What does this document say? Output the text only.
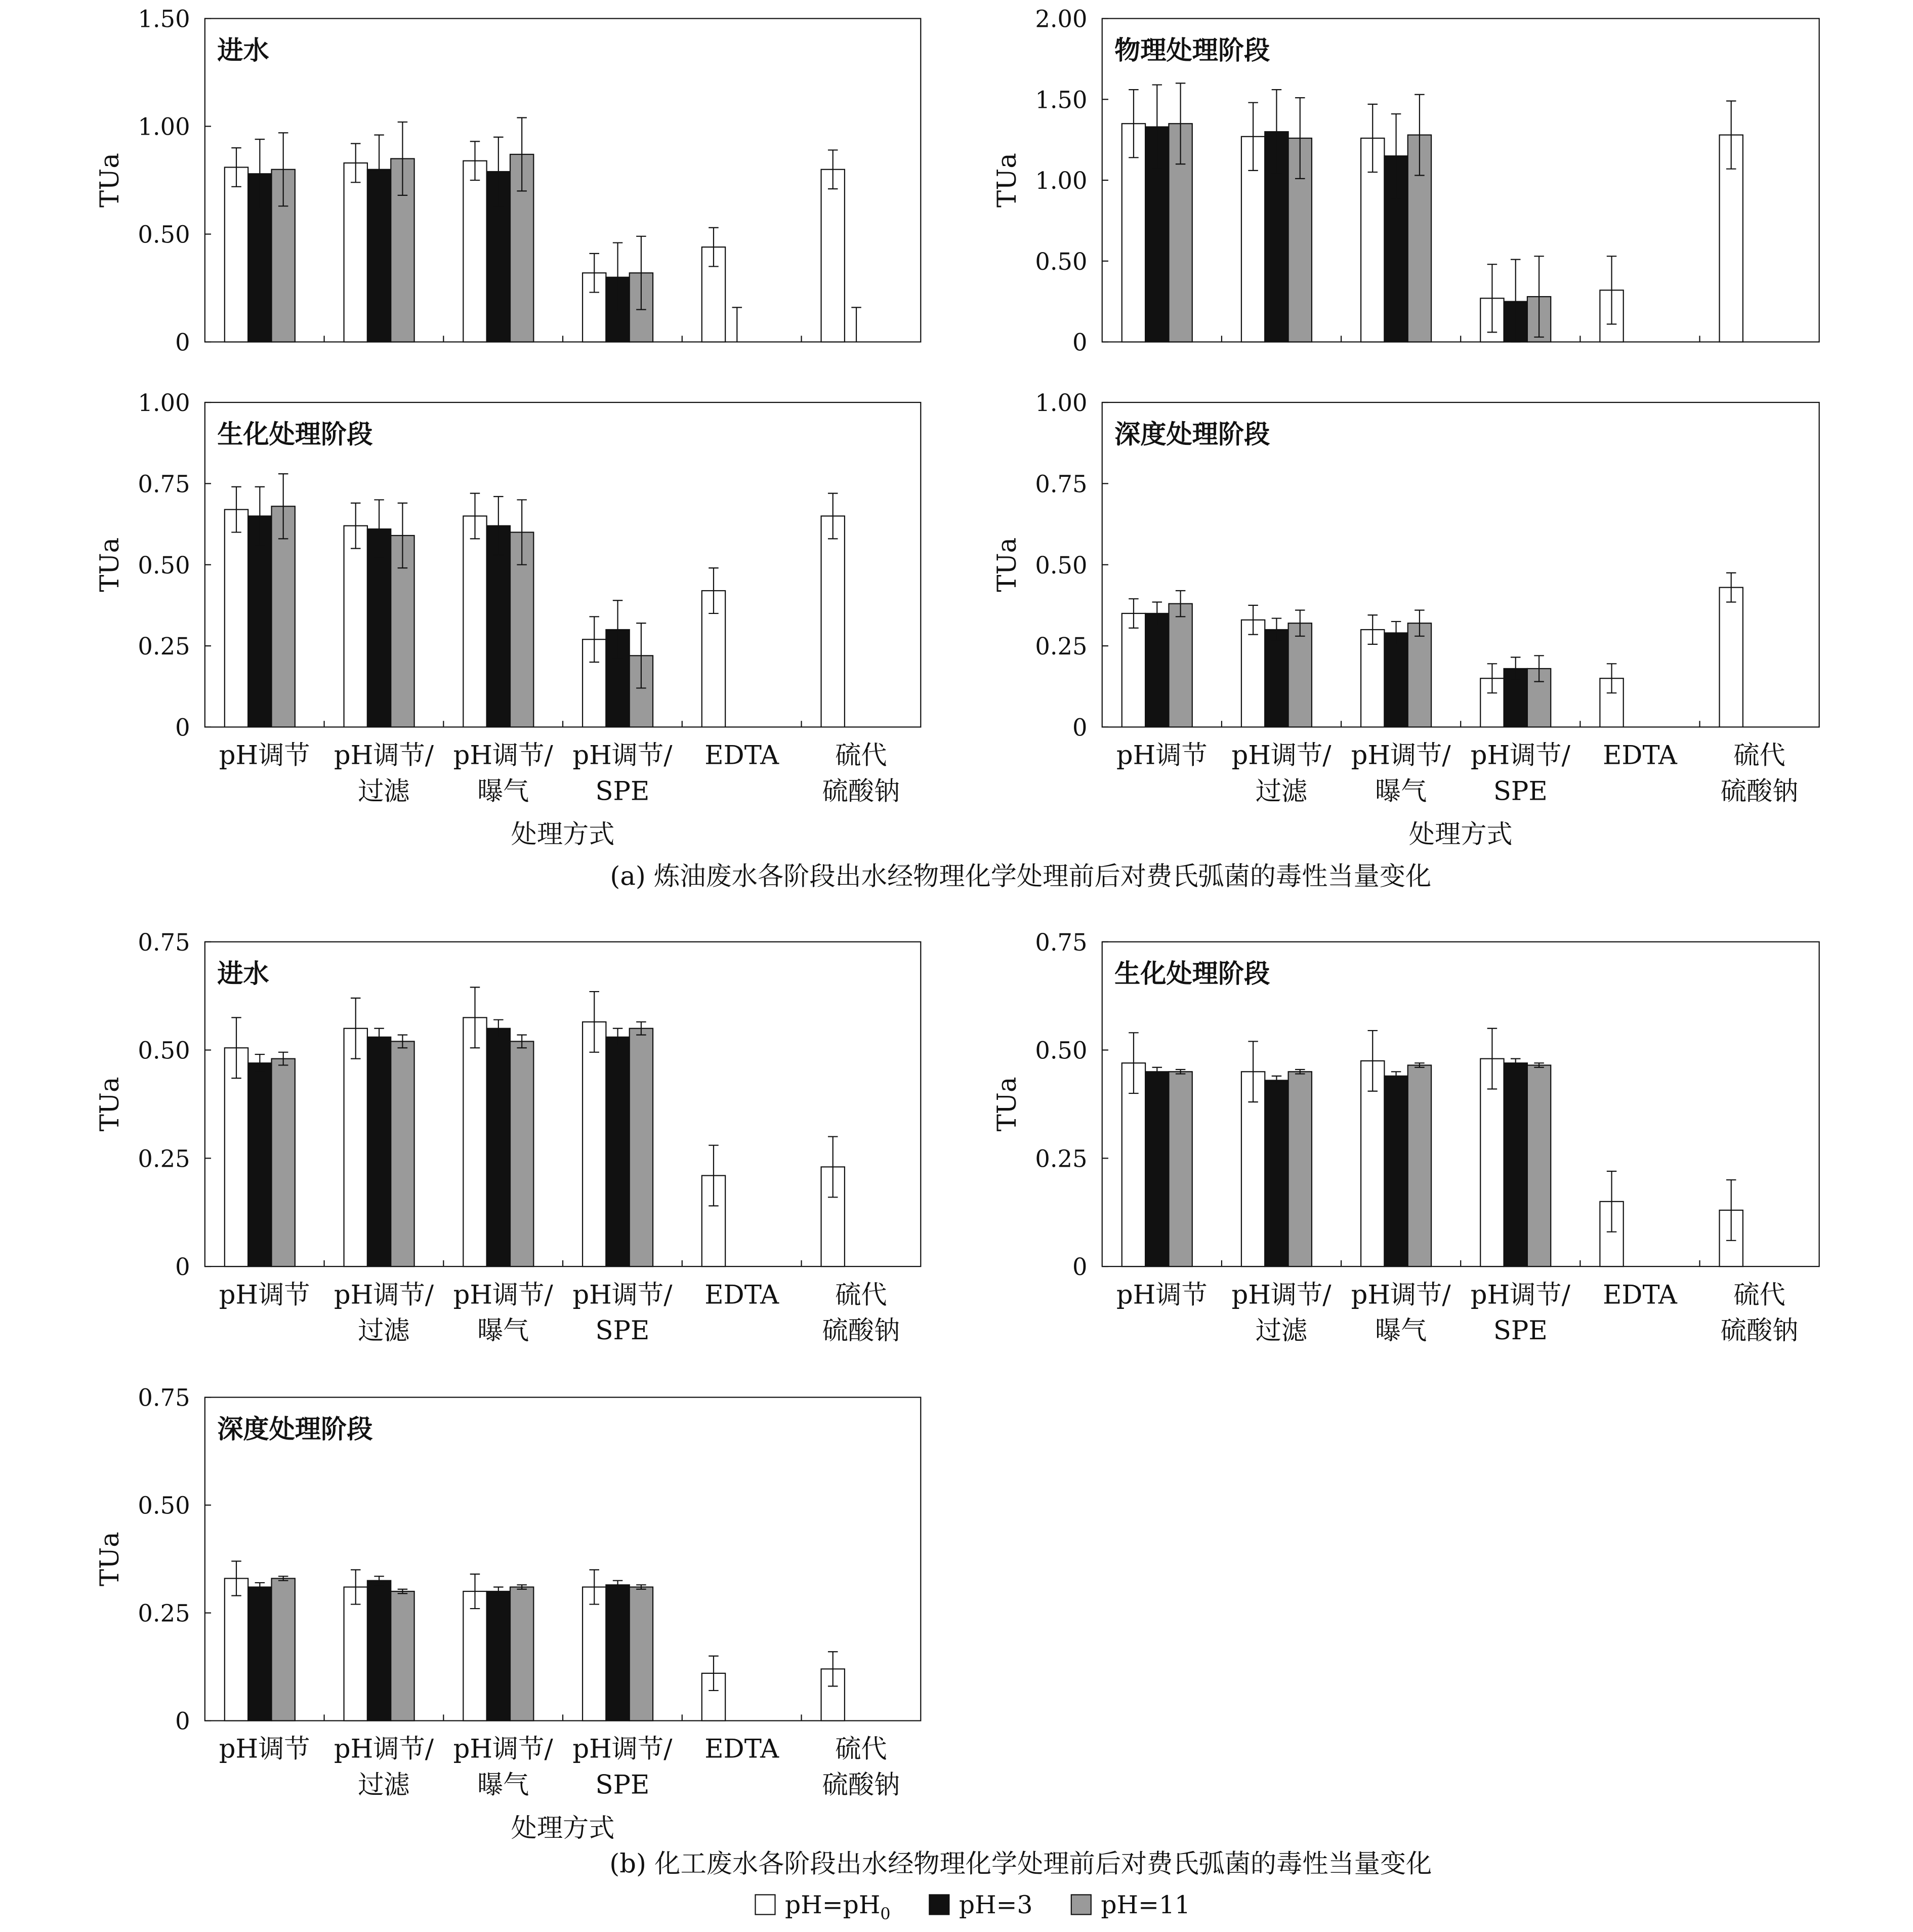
0
0.50
1.00
1.50
TUa
进水
0
0.50
1.00
1.50
2.00
TUa
物理处理阶段
0
0.25
0.50
0.75
1.00
TUa
生化处理阶段
pH调节 pH调节/
过滤
pH调节/
曝气
pH调节/
SPE
EDTA 硫代
硫酸钠
处理方式
0
0.25
0.50
0.75
1.00
TUa
深度处理阶段
pH调节 pH调节/
过滤
pH调节/
曝气
pH调节/
SPE
EDTA 硫代
硫酸钠
处理方式
0
0.25
0.50
0.75
TUa
进水
pH调节 pH调节/
过滤
pH调节/
曝气
pH调节/
SPE
EDTA 硫代
硫酸钠
0
0.25
0.50
0.75
TUa
生化处理阶段
pH调节 pH调节/
过滤
pH调节/
曝气
pH调节/
SPE
EDTA 硫代
硫酸钠
0
0.25
0.50
0.75
TUa
深度处理阶段
pH调节 pH调节/
过滤
pH调节/
曝气
pH调节/
SPE
EDTA 硫代
硫酸钠
处理方式
(a) 炼油废水各阶段出水经物理化学处理前后对费氏弧菌的毒性当量变化
(b) 化工废水各阶段出水经物理化学处理前后对费氏弧菌的毒性当量变化
$pH=pH_0$	pH=3	pH=11
